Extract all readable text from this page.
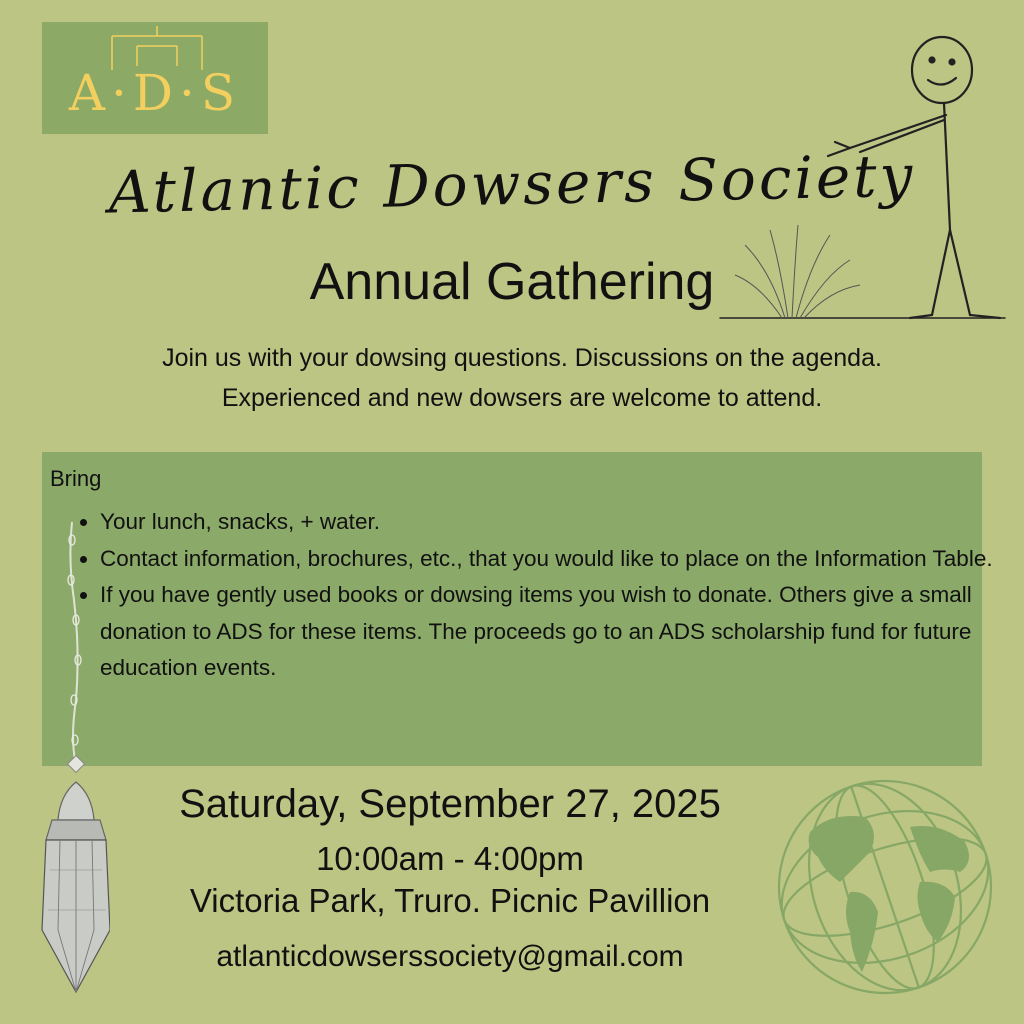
A·D·S
Atlantic Dowsers Society
Annual Gathering
Join us with your dowsing questions. Discussions on the agenda.
Experienced and new dowsers are welcome to attend.
Bring
• Your lunch, snacks, + water.
• Contact information, brochures, etc., that you would like to place on the Information Table.
• If you have gently used books or dowsing items you wish to donate. Others give a small donation to ADS for these items. The proceeds go to an ADS scholarship fund for future education events.
Saturday, September 27, 2025
10:00am - 4:00pm
Victoria Park, Truro. Picnic Pavillion
atlanticdowserssociety@gmail.com
